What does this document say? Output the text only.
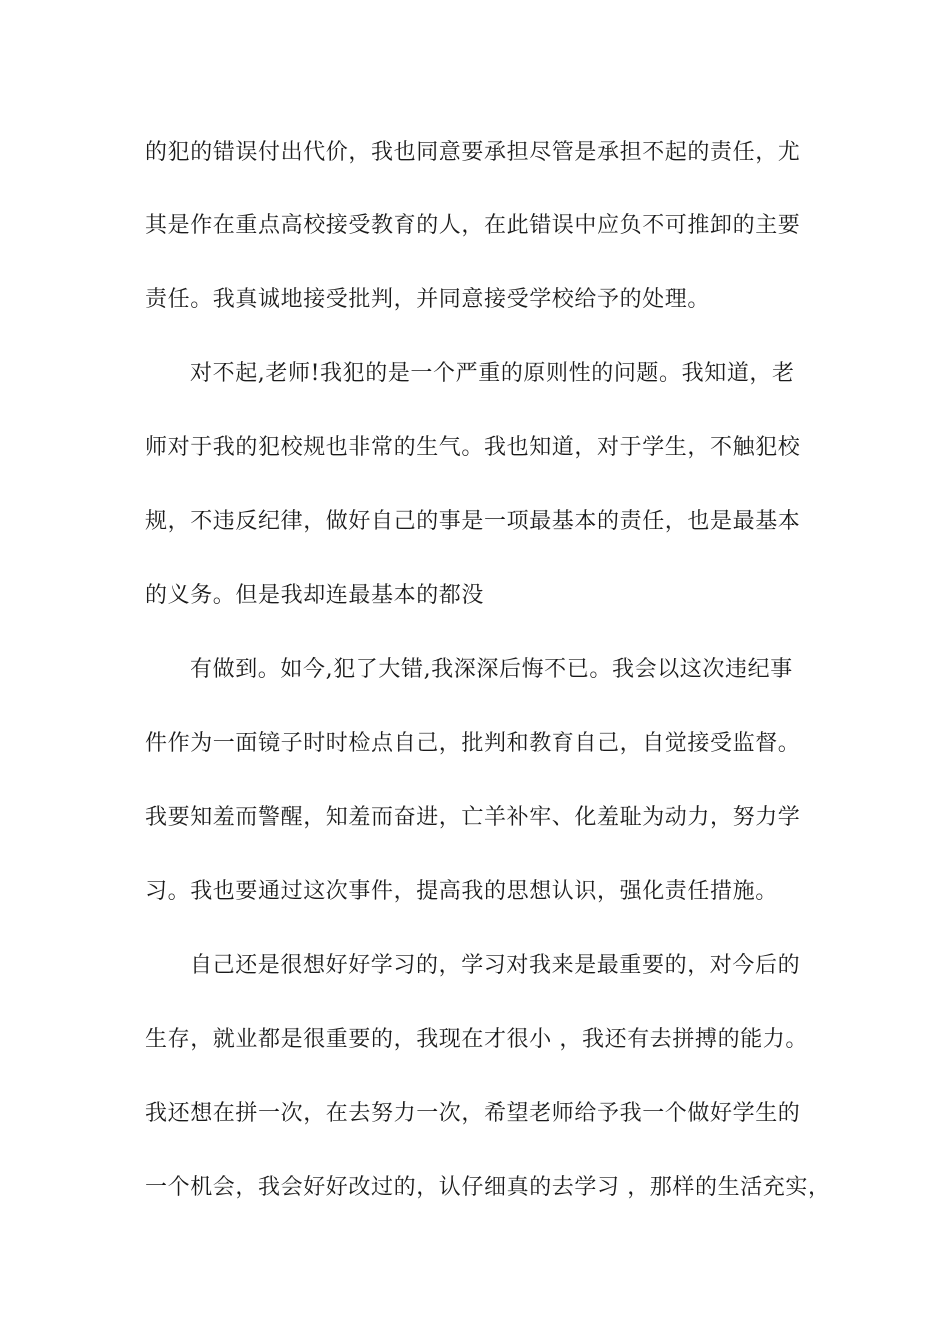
的犯的错误付出代价，我也同意要承担尽管是承担不起的责任，尤
其是作在重点高校接受教育的人，在此错误中应负不可推卸的主要
责任。我真诚地接受批判，并同意接受学校给予的处理。
对不起,老师!我犯的是一个严重的原则性的问题。我知道，老
师对于我的犯校规也非常的生气。我也知道，对于学生，不触犯校
规，不违反纪律，做好自己的事是一项最基本的责任，也是最基本
的义务。但是我却连最基本的都没
有做到。如今,犯了大错,我深深后悔不已。我会以这次违纪事
件作为一面镜子时时检点自己，批判和教育自己，自觉接受监督。
我要知羞而警醒，知羞而奋进，亡羊补牢、化羞耻为动力，努力学
习。我也要通过这次事件，提高我的思想认识，强化责任措施。
自己还是很想好好学习的，学习对我来是最重要的，对今后的
生存，就业都是很重要的，我现在才很小 ，我还有去拼搏的能力。
我还想在拼一次，在去努力一次，希望老师给予我一个做好学生的
一个机会，我会好好改过的，认仔细真的去学习 ，那样的生活充实，
